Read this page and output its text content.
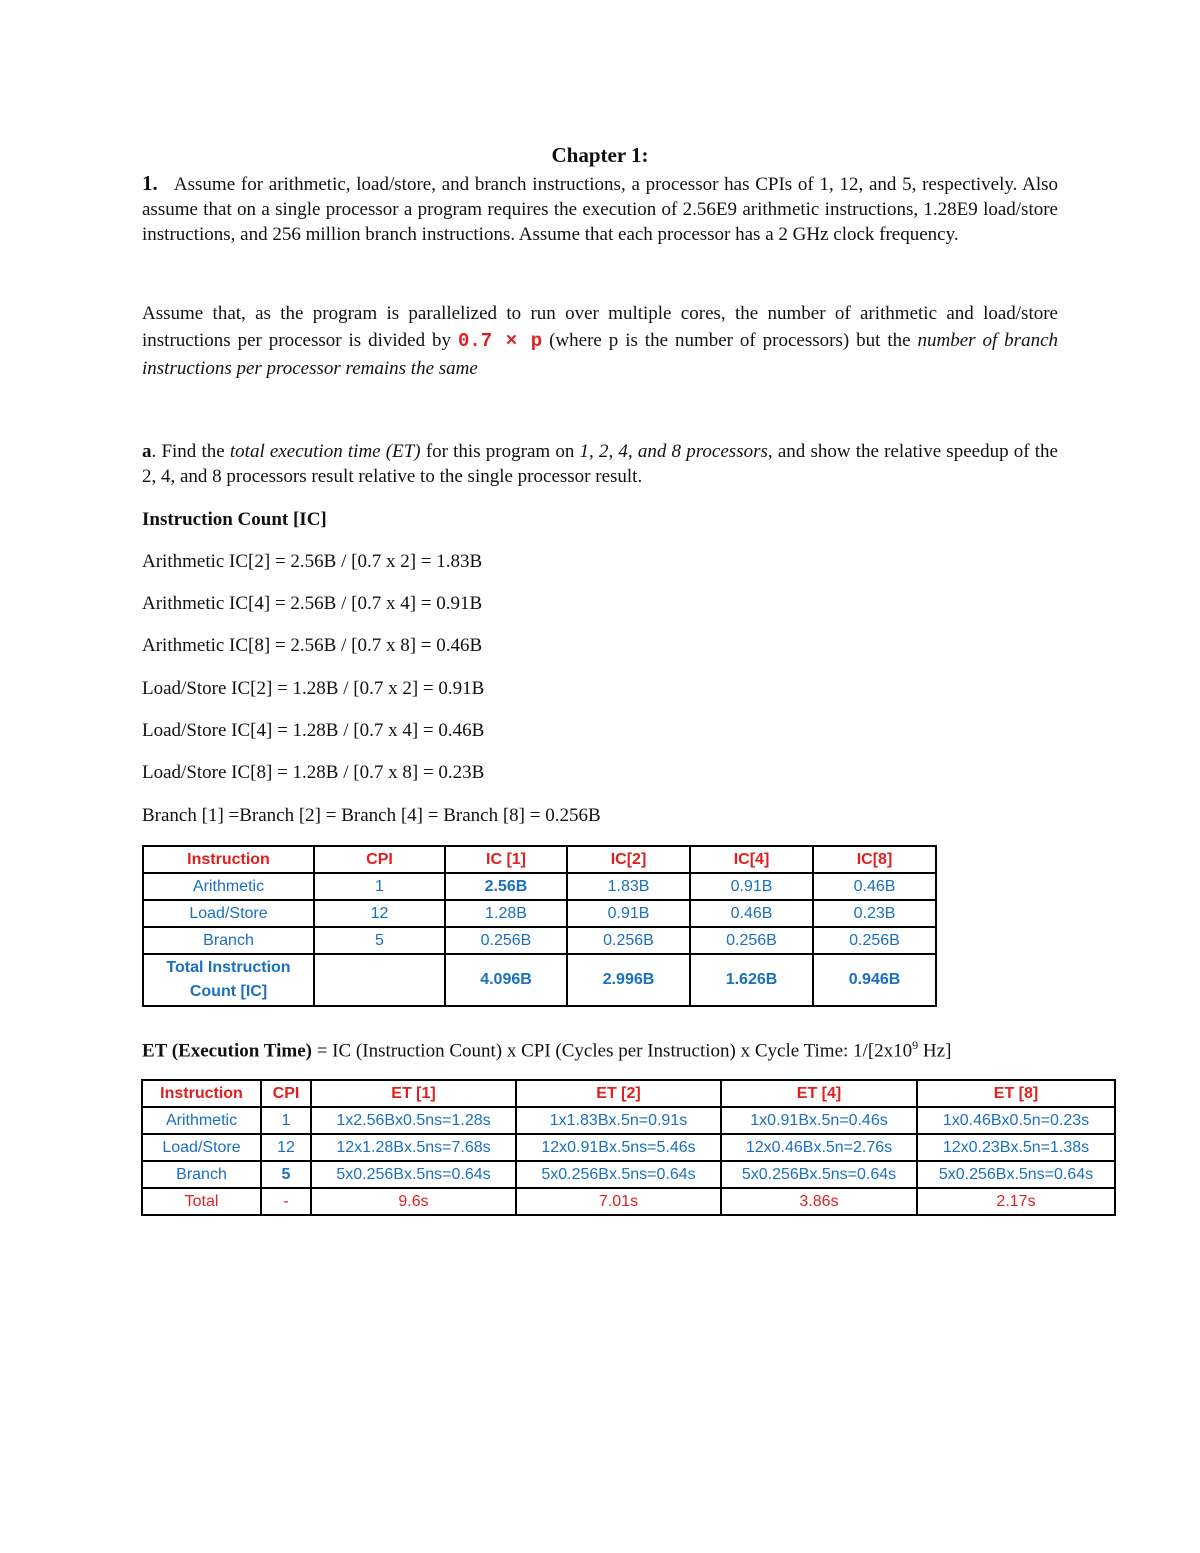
Chapter 1:
1. Assume for arithmetic, load/store, and branch instructions, a processor has CPIs of 1, 12, and 5, respectively. Also assume that on a single processor a program requires the execution of 2.56E9 arithmetic instructions, 1.28E9 load/store instructions, and 256 million branch instructions. Assume that each processor has a 2 GHz clock frequency.
Assume that, as the program is parallelized to run over multiple cores, the number of arithmetic and load/store instructions per processor is divided by 0.7 × p (where p is the number of processors) but the number of branch instructions per processor remains the same
a. Find the total execution time (ET) for this program on 1, 2, 4, and 8 processors, and show the relative speedup of the 2, 4, and 8 processors result relative to the single processor result.
Instruction Count [IC]
Arithmetic IC[2] = 2.56B / [0.7 x 2] = 1.83B
Arithmetic IC[4] = 2.56B / [0.7 x 4] = 0.91B
Arithmetic IC[8] = 2.56B / [0.7 x 8] = 0.46B
Load/Store IC[2] = 1.28B / [0.7 x 2] = 0.91B
Load/Store IC[4] = 1.28B / [0.7 x 4] = 0.46B
Load/Store IC[8] = 1.28B / [0.7 x 8] = 0.23B
Branch [1] =Branch [2] = Branch [4] = Branch [8] = 0.256B
Instruction	CPI	IC [1]	IC[2]	IC[4]	IC[8]
Arithmetic	1	2.56B	1.83B	0.91B	0.46B
Load/Store	12	1.28B	0.91B	0.46B	0.23B
Branch	5	0.256B	0.256B	0.256B	0.256B
Total Instruction Count [IC]		4.096B	2.996B	1.626B	0.946B
ET (Execution Time) = IC (Instruction Count) x CPI (Cycles per Instruction) x Cycle Time: $1/[2x10^9$ Hz]
Instruction	CPI	ET [1]	ET [2]	ET [4]	ET [8]
Arithmetic	1	1x2.56Bx0.5ns=1.28s	1x1.83Bx.5n=0.91s	1x0.91Bx.5n=0.46s	1x0.46Bx0.5n=0.23s
Load/Store	12	12x1.28Bx.5ns=7.68s	12x0.91Bx.5ns=5.46s	12x0.46Bx.5n=2.76s	12x0.23Bx.5n=1.38s
Branch	5	5x0.256Bx.5ns=0.64s	5x0.256Bx.5ns=0.64s	5x0.256Bx.5ns=0.64s	5x0.256Bx.5ns=0.64s
Total	-	9.6s	7.01s	3.86s	2.17s
